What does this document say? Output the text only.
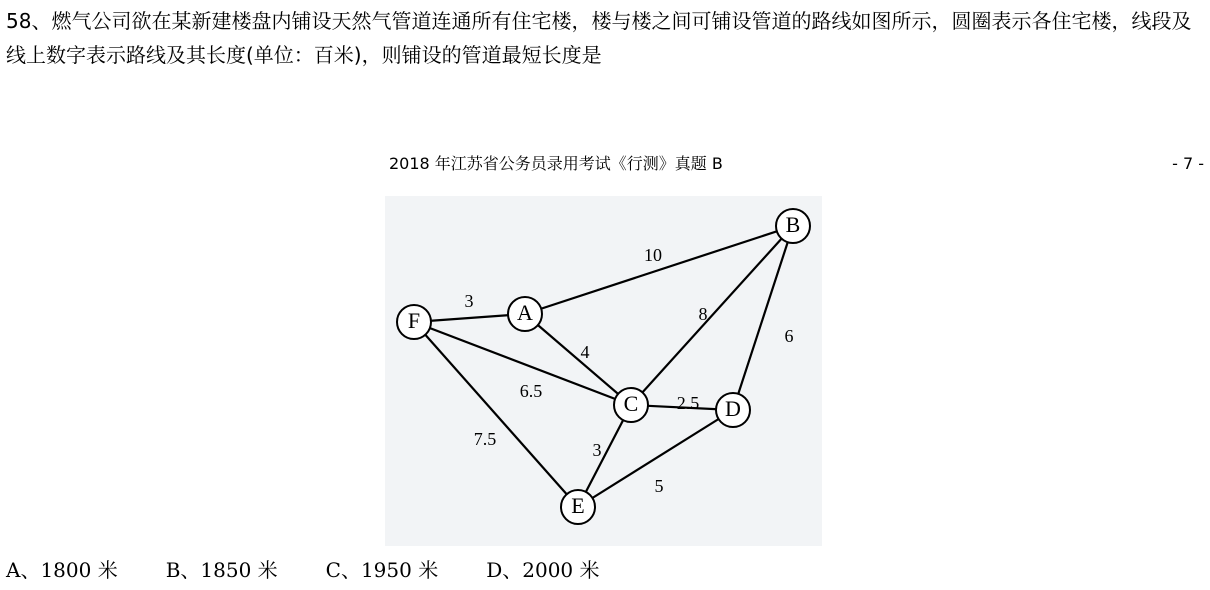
58、燃气公司欲在某新建楼盘内铺设天然气管道连通所有住宅楼，楼与楼之间可铺设管道的路线如图所示，圆圈表示各住宅楼，线段及线上数字表示路线及其长度(单位：百米)，则铺设的管道最短长度是

2018 年江苏省公务员录用考试《行测》真题 B	- 7 -
3
10
4
6.5
7.5
8
6
2.5
3
5
A
B
C	D
E
F
A、1800 米 B、1850 米 C、1950 米 D、2000 米
